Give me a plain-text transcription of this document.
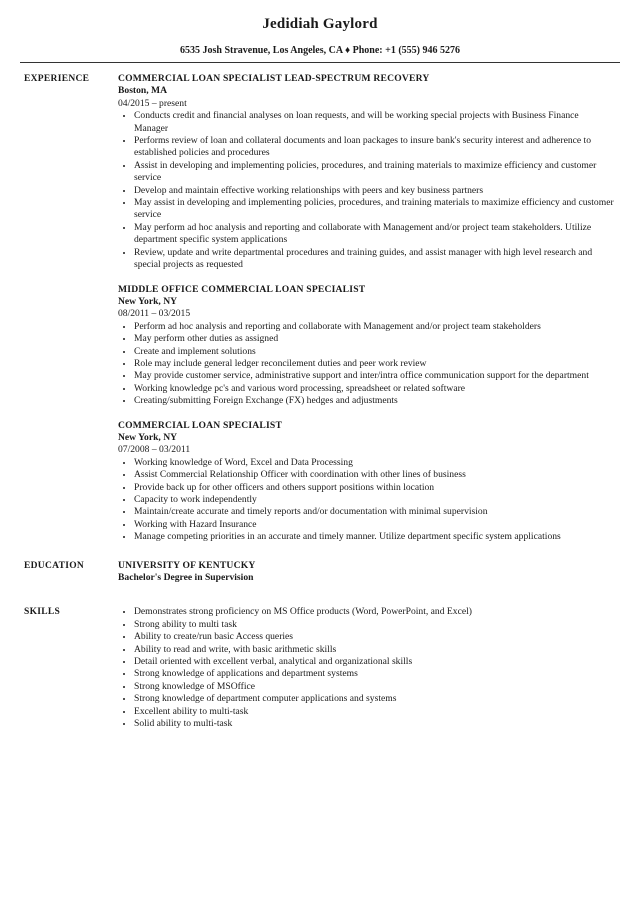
Jedidiah Gaylord
6535 Josh Stravenue, Los Angeles, CA ♦ Phone: +1 (555) 946 5276
EXPERIENCE	COMMERCIAL LOAN SPECIALIST LEAD-SPECTRUM RECOVERY
Boston, MA
04/2015 – present
• Conducts credit and financial analyses on loan requests, and will be working special projects with Business Finance Manager
• Performs review of loan and collateral documents and loan packages to insure bank's security interest and adherence to established policies and procedures
• Assist in developing and implementing policies, procedures, and training materials to maximize efficiency and customer service
• Develop and maintain effective working relationships with peers and key business partners
• May assist in developing and implementing policies, procedures, and training materials to maximize efficiency and customer service
• May perform ad hoc analysis and reporting and collaborate with Management and/or project team stakeholders. Utilize department specific system applications
• Review, update and write departmental procedures and training guides, and assist manager with high level research and special projects as requested
MIDDLE OFFICE COMMERCIAL LOAN SPECIALIST
New York, NY
08/2011 – 03/2015
• Perform ad hoc analysis and reporting and collaborate with Management and/or project team stakeholders
• May perform other duties as assigned
• Create and implement solutions
• Role may include general ledger reconcilement duties and peer work review
• May provide customer service, administrative support and inter/intra office communication support for the department
• Working knowledge pc's and various word processing, spreadsheet or related software
• Creating/submitting Foreign Exchange (FX) hedges and adjustments
COMMERCIAL LOAN SPECIALIST
New York, NY
07/2008 – 03/2011
• Working knowledge of Word, Excel and Data Processing
• Assist Commercial Relationship Officer with coordination with other lines of business
• Provide back up for other officers and others support positions within location
• Capacity to work independently
• Maintain/create accurate and timely reports and/or documentation with minimal supervision
• Working with Hazard Insurance
• Manage competing priorities in an accurate and timely manner. Utilize department specific system applications
EDUCATION	UNIVERSITY OF KENTUCKY
Bachelor's Degree in Supervision
SKILLS
•	Demonstrates strong proficiency on MS Office products (Word, PowerPoint, and Excel)
• Strong ability to multi task
• Ability to create/run basic Access queries
• Ability to read and write, with basic arithmetic skills
• Detail oriented with excellent verbal, analytical and organizational skills
• Strong knowledge of applications and department systems
• Strong knowledge of MSOffice
• Strong knowledge of department computer applications and systems
• Excellent ability to multi-task
• Solid ability to multi-task
